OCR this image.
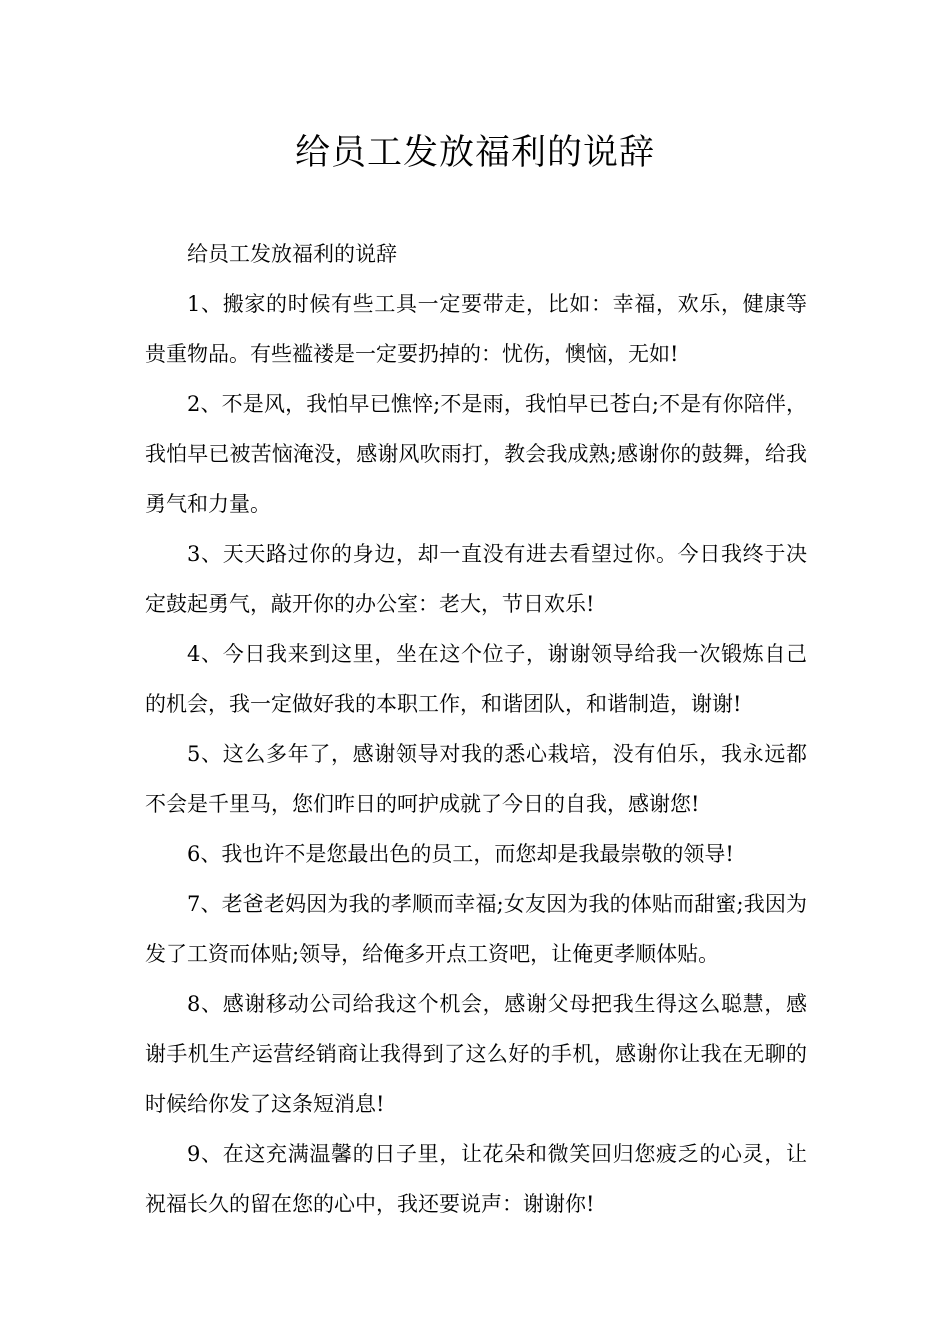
给员工发放福利的说辞

给员工发放福利的说辞

1、搬家的时候有些工具一定要带走，比如：幸福，欢乐，健康等贵重物品。有些褴褛是一定要扔掉的：忧伤，懊恼，无如!

2、不是风，我怕早已憔悴;不是雨，我怕早已苍白;不是有你陪伴，我怕早已被苦恼淹没，感谢风吹雨打，教会我成熟;感谢你的鼓舞，给我勇气和力量。

3、天天路过你的身边，却一直没有进去看望过你。今日我终于决定鼓起勇气，敲开你的办公室：老大，节日欢乐!

4、今日我来到这里，坐在这个位子，谢谢领导给我一次锻炼自己的机会，我一定做好我的本职工作，和谐团队，和谐制造，谢谢!

5、这么多年了，感谢领导对我的悉心栽培，没有伯乐，我永远都不会是千里马，您们昨日的呵护成就了今日的自我，感谢您!

6、我也许不是您最出色的员工，而您却是我最崇敬的领导!

7、老爸老妈因为我的孝顺而幸福;女友因为我的体贴而甜蜜;我因为发了工资而体贴;领导，给俺多开点工资吧，让俺更孝顺体贴。

8、感谢移动公司给我这个机会，感谢父母把我生得这么聪慧，感谢手机生产运营经销商让我得到了这么好的手机，感谢你让我在无聊的时候给你发了这条短消息!

9、在这充满温馨的日子里，让花朵和微笑回归您疲乏的心灵，让祝福长久的留在您的心中，我还要说声：谢谢你!
